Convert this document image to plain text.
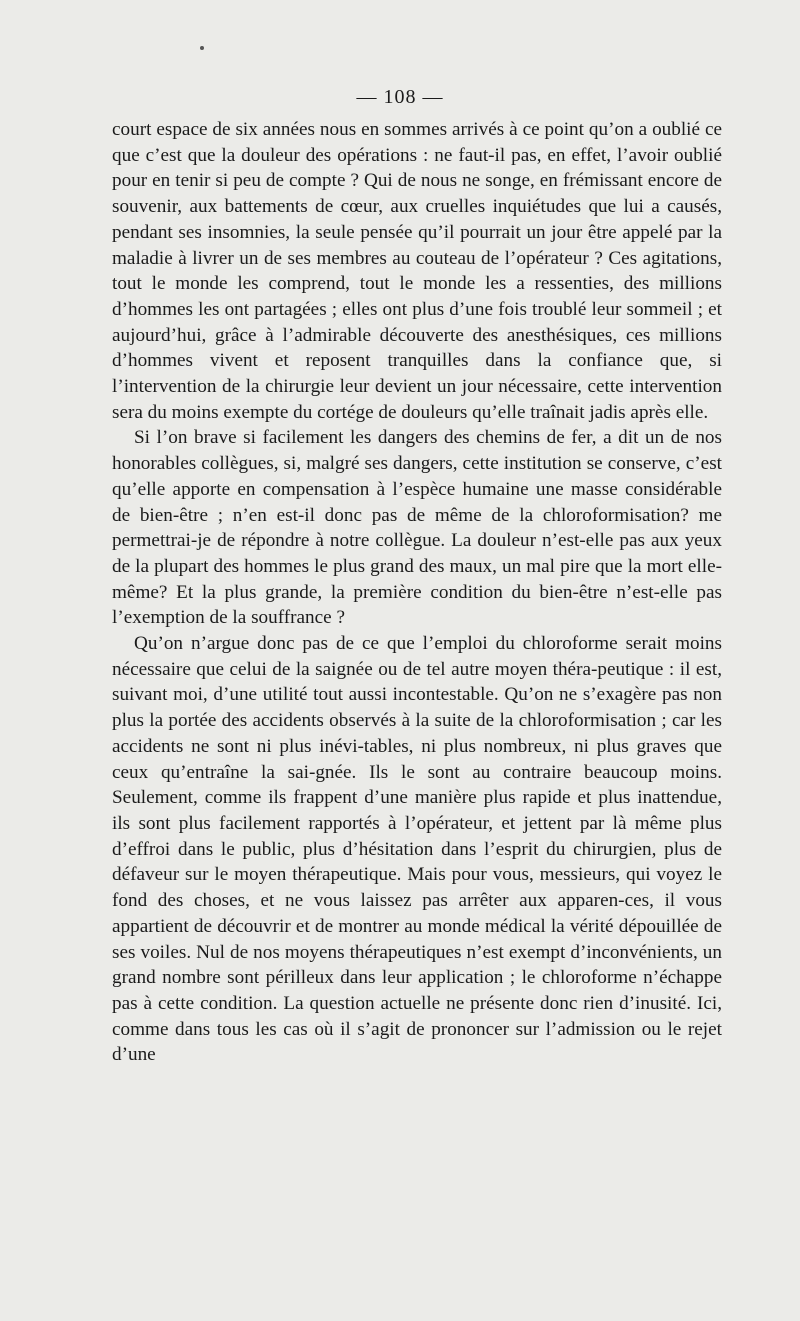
— 108 —

court espace de six années nous en sommes arrivés à ce point qu’on a oublié ce que c’est que la douleur des opérations : ne faut-il pas, en effet, l’avoir oublié pour en tenir si peu de compte ? Qui de nous ne songe, en frémissant encore de souvenir, aux battements de cœur, aux cruelles inquiétudes que lui a causés, pendant ses insomnies, la seule pensée qu’il pourrait un jour être appelé par la maladie à livrer un de ses membres au couteau de l’opérateur ? Ces agitations, tout le monde les comprend, tout le monde les a ressenties, des millions d’hommes les ont partagées ; elles ont plus d’une fois troublé leur sommeil ; et aujourd’hui, grâce à l’admirable découverte des anesthésiques, ces millions d’hommes vivent et reposent tranquilles dans la confiance que, si l’intervention de la chirurgie leur devient un jour nécessaire, cette intervention sera du moins exempte du cortége de douleurs qu’elle traînait jadis après elle.

Si l’on brave si facilement les dangers des chemins de fer, a dit un de nos honorables collègues, si, malgré ses dangers, cette institution se conserve, c’est qu’elle apporte en compensation à l’espèce humaine une masse considérable de bien-être ; n’en est-il donc pas de même de la chloroformisation? me permettrai-je de répondre à notre collègue. La douleur n’est-elle pas aux yeux de la plupart des hommes le plus grand des maux, un mal pire que la mort elle-même? Et la plus grande, la première condition du bien-être n’est-elle pas l’exemption de la souffrance ?

Qu’on n’argue donc pas de ce que l’emploi du chloroforme serait moins nécessaire que celui de la saignée ou de tel autre moyen théra-peutique : il est, suivant moi, d’une utilité tout aussi incontestable. Qu’on ne s’exagère pas non plus la portée des accidents observés à la suite de la chloroformisation ; car les accidents ne sont ni plus inévi-tables, ni plus nombreux, ni plus graves que ceux qu’entraîne la sai-gnée. Ils le sont au contraire beaucoup moins. Seulement, comme ils frappent d’une manière plus rapide et plus inattendue, ils sont plus facilement rapportés à l’opérateur, et jettent par là même plus d’effroi dans le public, plus d’hésitation dans l’esprit du chirurgien, plus de défaveur sur le moyen thérapeutique. Mais pour vous, messieurs, qui voyez le fond des choses, et ne vous laissez pas arrêter aux apparen-ces, il vous appartient de découvrir et de montrer au monde médical la vérité dépouillée de ses voiles. Nul de nos moyens thérapeutiques n’est exempt d’inconvénients, un grand nombre sont périlleux dans leur application ; le chloroforme n’échappe pas à cette condition. La question actuelle ne présente donc rien d’inusité. Ici, comme dans tous les cas où il s’agit de prononcer sur l’admission ou le rejet d’une
